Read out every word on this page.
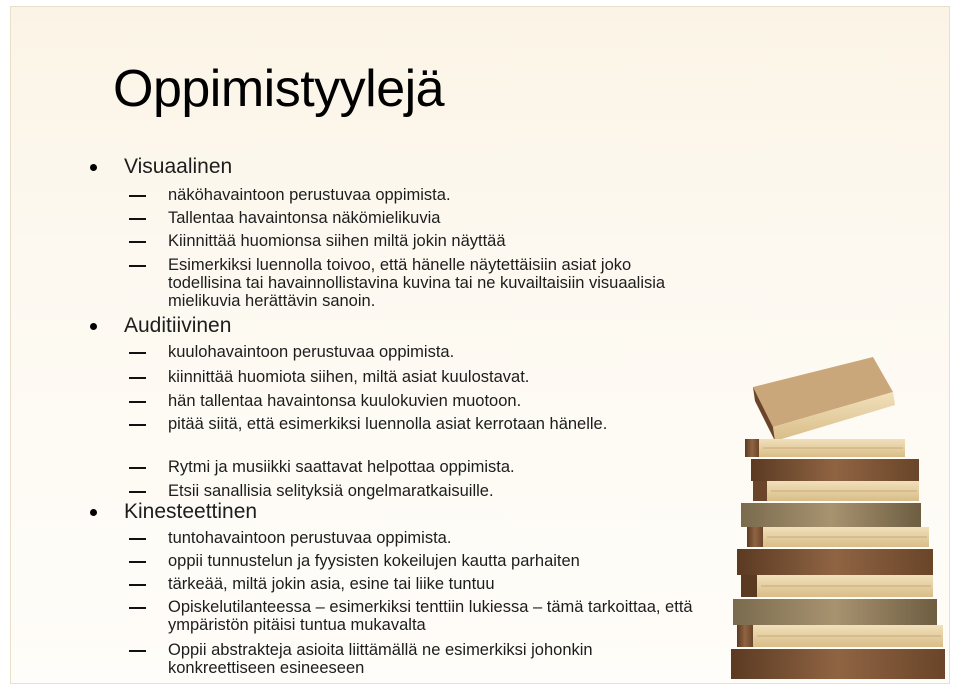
Oppimistyylejä
Visuaalinen
näköhavaintoon perustuvaa oppimista.
Tallentaa havaintonsa näkömielikuvia
Kiinnittää huomionsa siihen miltä jokin näyttää
Esimerkiksi luennolla toivoo, että hänelle näytettäisiin asiat joko todellisina tai havainnollistavina kuvina tai ne kuvailtaisiin visuaalisia mielikuvia herättävin sanoin.
Auditiivinen
kuulohavaintoon perustuvaa oppimista.
kiinnittää huomiota siihen, miltä asiat kuulostavat.
hän tallentaa havaintonsa kuulokuvien muotoon.
pitää siitä, että esimerkiksi luennolla asiat kerrotaan hänelle.
Rytmi ja musiikki saattavat helpottaa oppimista.
Etsii sanallisia selityksiä ongelmaratkaisuille.
Kinesteettinen
tuntohavaintoon perustuvaa oppimista.
oppii tunnustelun ja fyysisten kokeilujen kautta parhaiten
tärkeää, miltä jokin asia, esine tai liike tuntuu
Opiskelutilanteessa – esimerkiksi tenttiin lukiessa – tämä tarkoittaa, että ympäristön pitäisi tuntua mukavalta
Oppii abstrakteja asioita liittämällä ne esimerkiksi johonkin konkreettiseen esineeseen
